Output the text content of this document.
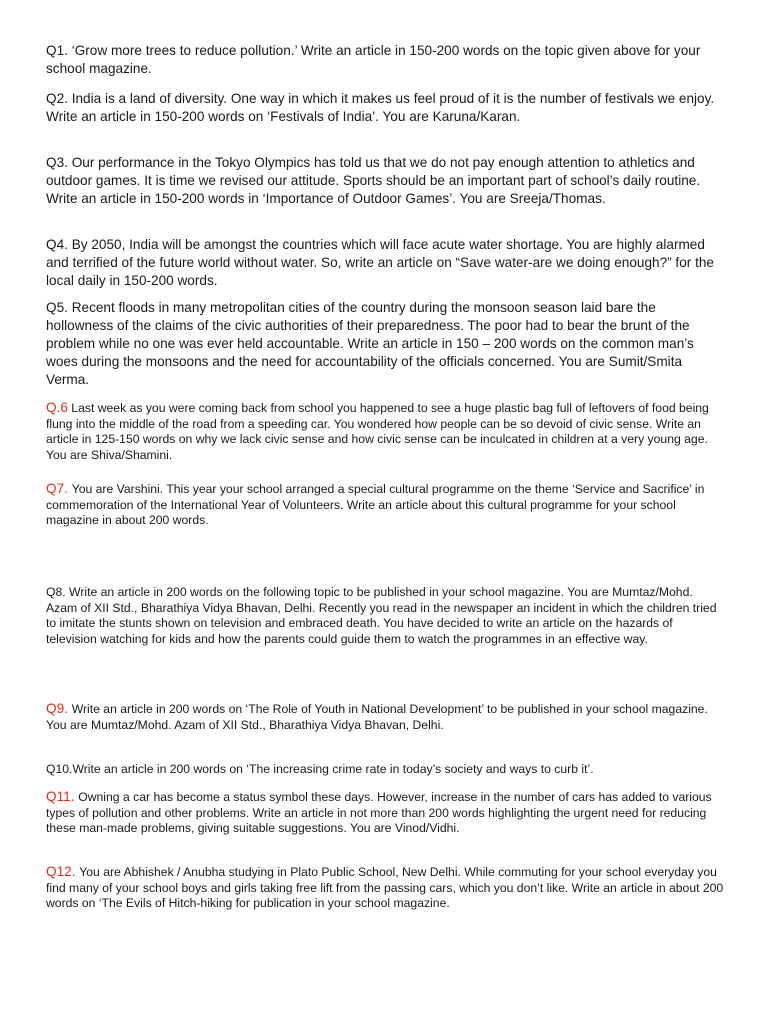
Q1. ‘Grow more trees to reduce pollution.’ Write an article in 150-200 words on the topic given above for your school magazine.

Q2. India is a land of diversity. One way in which it makes us feel proud of it is the number of festivals we enjoy. Write an article in 150-200 words on ‘Festivals of India’. You are Karuna/Karan.

Q3. Our performance in the Tokyo Olympics has told us that we do not pay enough attention to athletics and outdoor games. It is time we revised our attitude. Sports should be an important part of school’s daily routine. Write an article in 150-200 words in ‘Importance of Outdoor Games’. You are Sreeja/Thomas.

Q4. By 2050, India will be amongst the countries which will face acute water shortage. You are highly alarmed and terrified of the future world without water. So, write an article on “Save water-are we doing enough?” for the local daily in 150-200 words.

Q5. Recent floods in many metropolitan cities of the country during the monsoon season laid bare the hollowness of the claims of the civic authorities of their preparedness. The poor had to bear the brunt of the problem while no one was ever held accountable. Write an article in 150 – 200 words on the common man’s woes during the monsoons and the need for accountability of the officials concerned. You are Sumit/Smita Verma.

Q.6 Last week as you were coming back from school you happened to see a huge plastic bag full of leftovers of food being flung into the middle of the road from a speeding car. You wondered how people can be so devoid of civic sense. Write an article in 125-150 words on why we lack civic sense and how civic sense can be inculcated in children at a very young age. You are Shiva/Shamini.

Q7. You are Varshini. This year your school arranged a special cultural programme on the theme ‘Service and Sacrifice’ in commemoration of the International Year of Volunteers. Write an article about this cultural programme for your school magazine in about 200 words.

Q8. Write an article in 200 words on the following topic to be published in your school magazine. You are Mumtaz/Mohd. Azam of XII Std., Bharathiya Vidya Bhavan, Delhi. Recently you read in the newspaper an incident in which the children tried to imitate the stunts shown on television and embraced death. You have decided to write an article on the hazards of television watching for kids and how the parents could guide them to watch the programmes in an effective way.

Q9. Write an article in 200 words on ‘The Role of Youth in National Development’ to be published in your school magazine. You are Mumtaz/Mohd. Azam of XII Std., Bharathiya Vidya Bhavan, Delhi.

Q10.Write an article in 200 words on ‘The increasing crime rate in today’s society and ways to curb it’.

Q11. Owning a car has become a status symbol these days. However, increase in the number of cars has added to various types of pollution and other problems. Write an article in not more than 200 words highlighting the urgent need for reducing these man-made problems, giving suitable suggestions. You are Vinod/Vidhi.

Q12. You are Abhishek / Anubha studying in Plato Public School, New Delhi. While commuting for your school everyday you find many of your school boys and girls taking free lift from the passing cars, which you don’t like. Write an article in about 200 words on ‘The Evils of Hitch-hiking for publication in your school magazine.
